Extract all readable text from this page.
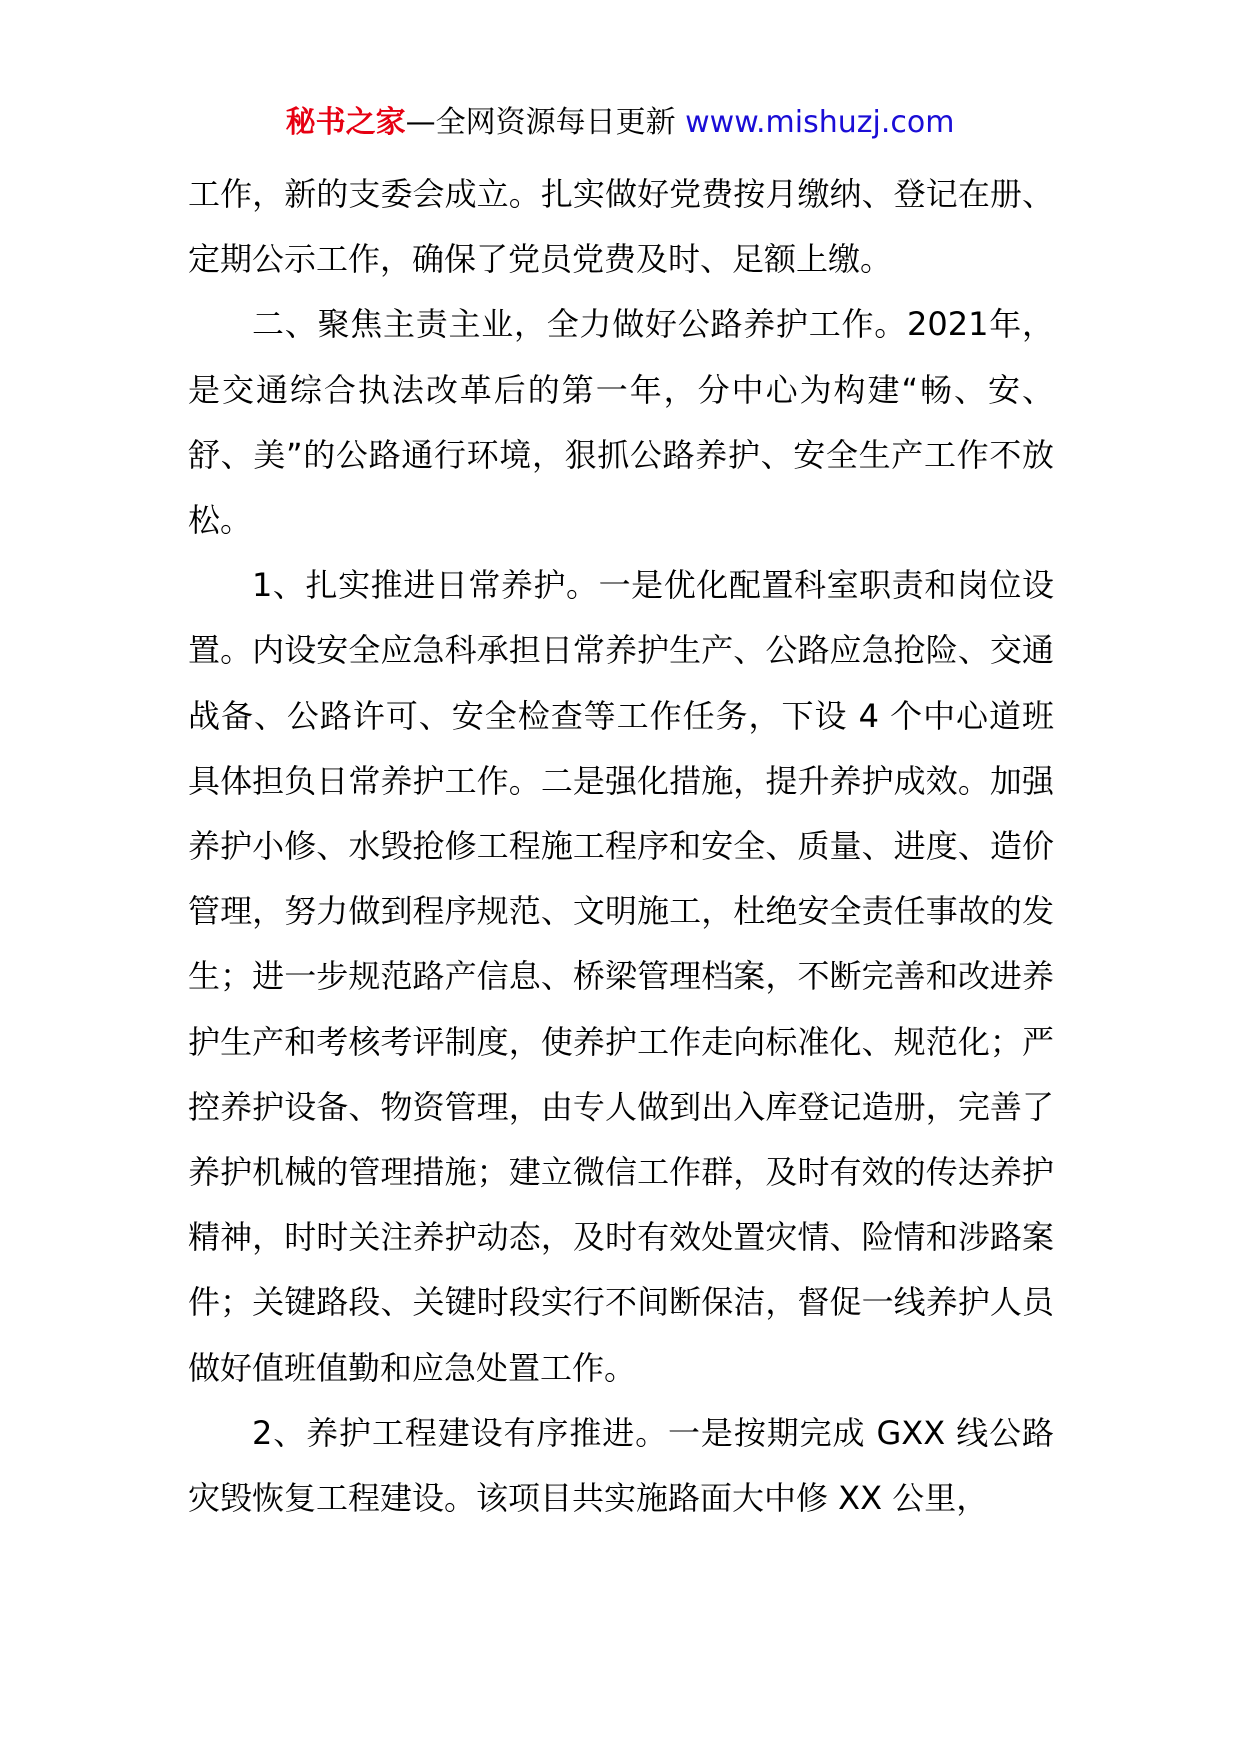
秘书之家—全网资源每日更新 www.mishuzj.com

工作，新的支委会成立。扎实做好党费按月缴纳、登记在册、定期公示工作，确保了党员党费及时、足额上缴。

二、聚焦主责主业，全力做好公路养护工作。2021年，是交通综合执法改革后的第一年，分中心为构建“畅、安、舒、美”的公路通行环境，狠抓公路养护、安全生产工作不放松。

1、扎实推进日常养护。一是优化配置科室职责和岗位设置。内设安全应急科承担日常养护生产、公路应急抢险、交通战备、公路许可、安全检查等工作任务，下设 4 个中心道班具体担负日常养护工作。二是强化措施，提升养护成效。加强养护小修、水毁抢修工程施工程序和安全、质量、进度、造价管理，努力做到程序规范、文明施工，杜绝安全责任事故的发生；进一步规范路产信息、桥梁管理档案，不断完善和改进养护生产和考核考评制度，使养护工作走向标准化、规范化；严控养护设备、物资管理，由专人做到出入库登记造册，完善了养护机械的管理措施；建立微信工作群，及时有效的传达养护精神，时时关注养护动态，及时有效处置灾情、险情和涉路案件；关键路段、关键时段实行不间断保洁，督促一线养护人员做好值班值勤和应急处置工作。

2、养护工程建设有序推进。一是按期完成 GXX 线公路灾毁恢复工程建设。该项目共实施路面大中修 XX 公里，
